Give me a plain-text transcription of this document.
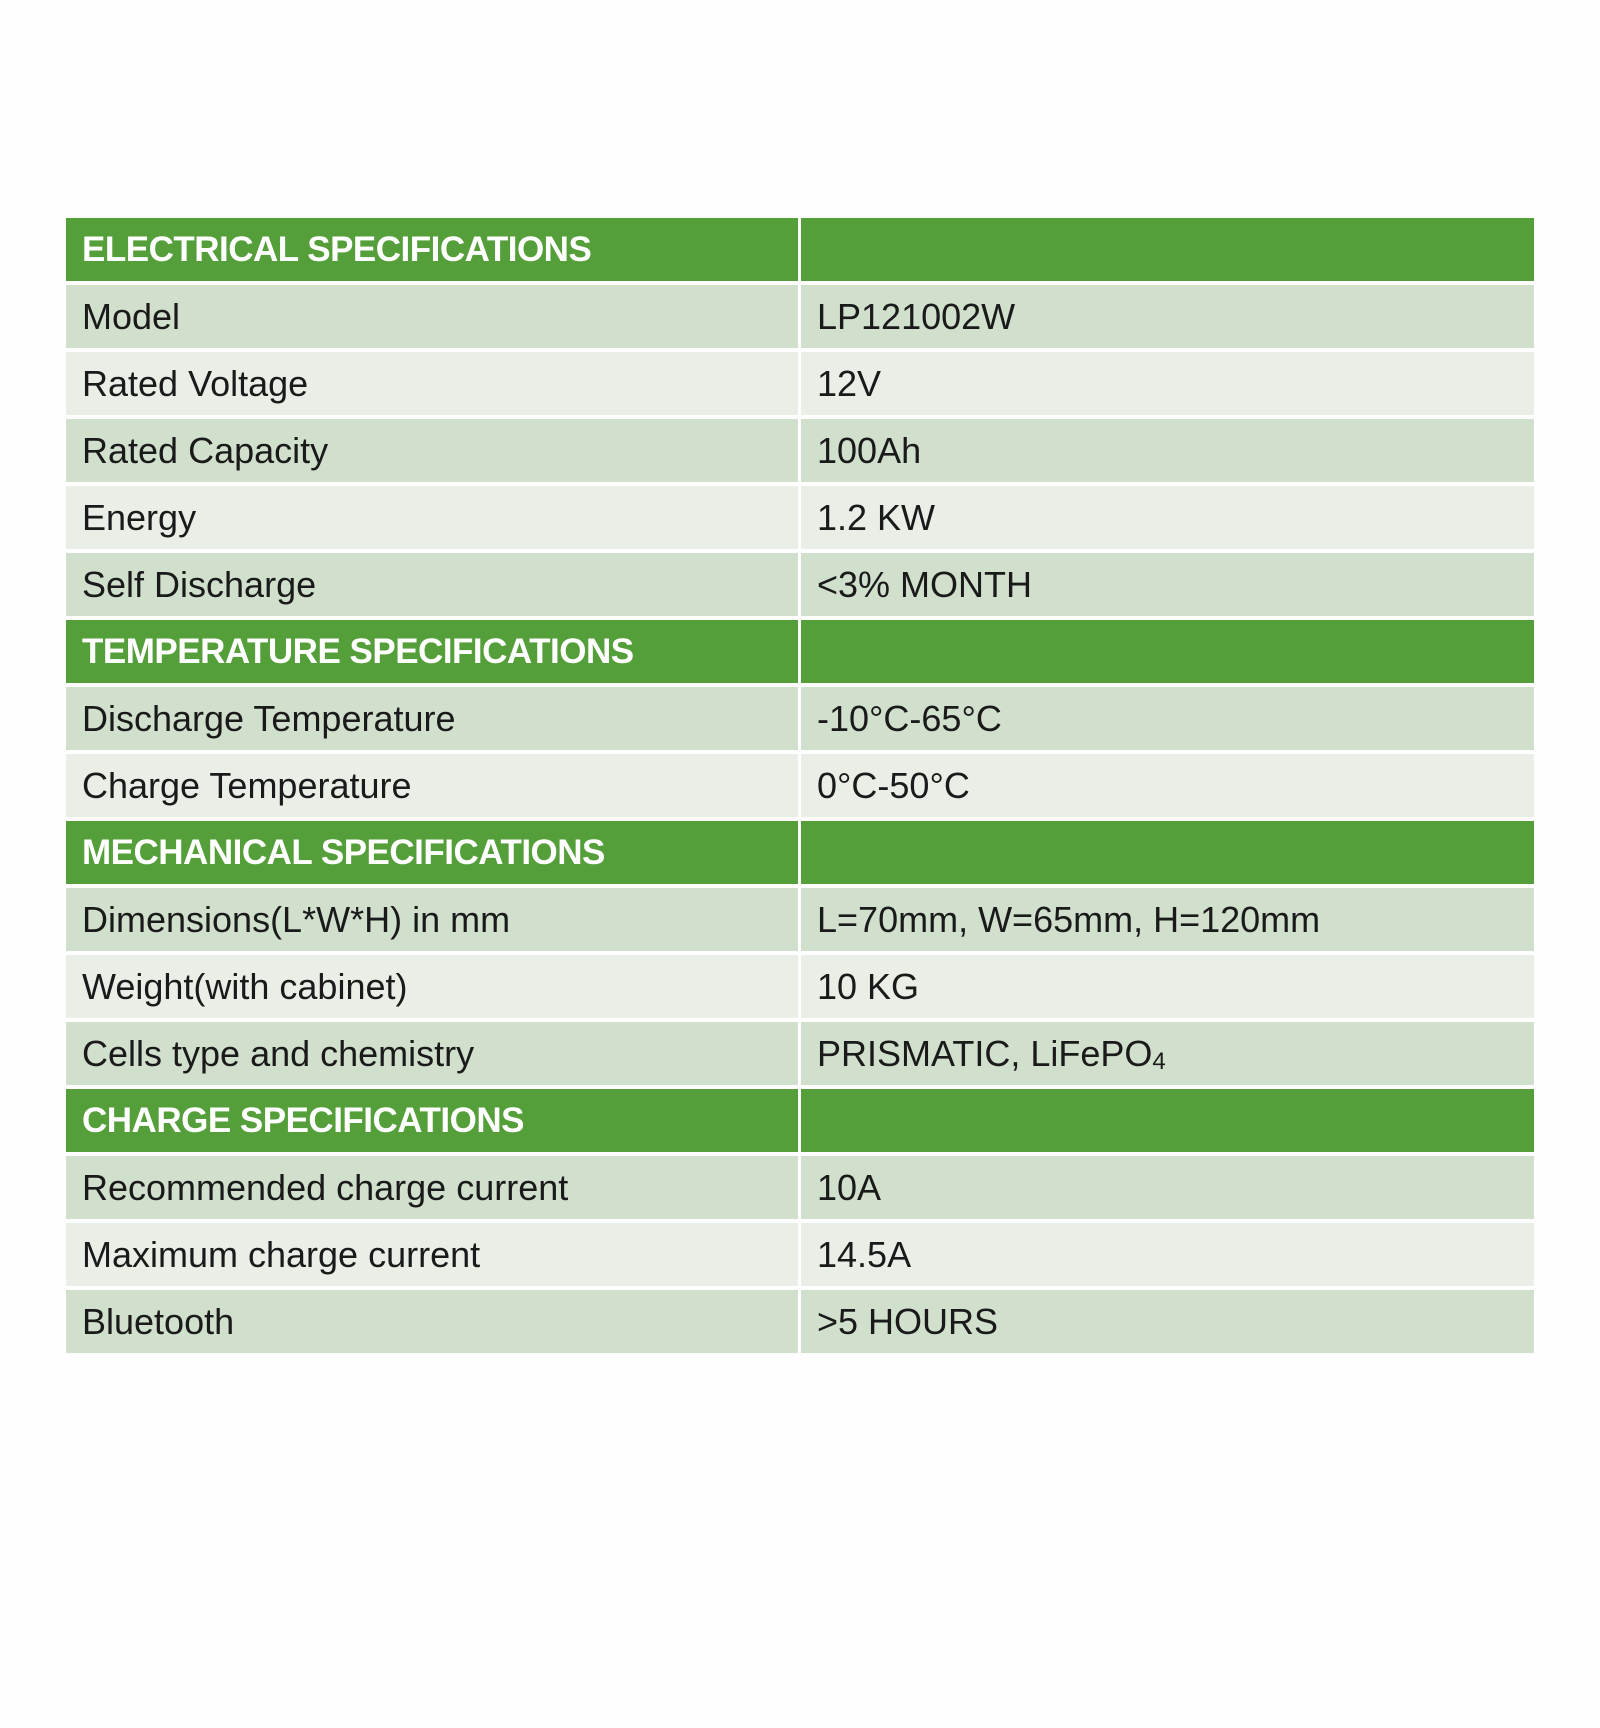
ELECTRICAL SPECIFICATIONS
Model	LP121002W
Rated Voltage	12V
Rated Capacity	100Ah
Energy	1.2 KW
Self Discharge	<3% MONTH
TEMPERATURE SPECIFICATIONS
Discharge Temperature	-10°C-65°C
Charge Temperature	0°C-50°C
MECHANICAL SPECIFICATIONS
Dimensions(L*W*H) in mm	L=70mm, W=65mm, H=120mm
Weight(with cabinet)	10 KG
Cells type and chemistry	PRISMATIC, LiFePO 4
CHARGE SPECIFICATIONS
Recommended charge current	10A
Maximum charge current	14.5A
Bluetooth	>5 HOURS
